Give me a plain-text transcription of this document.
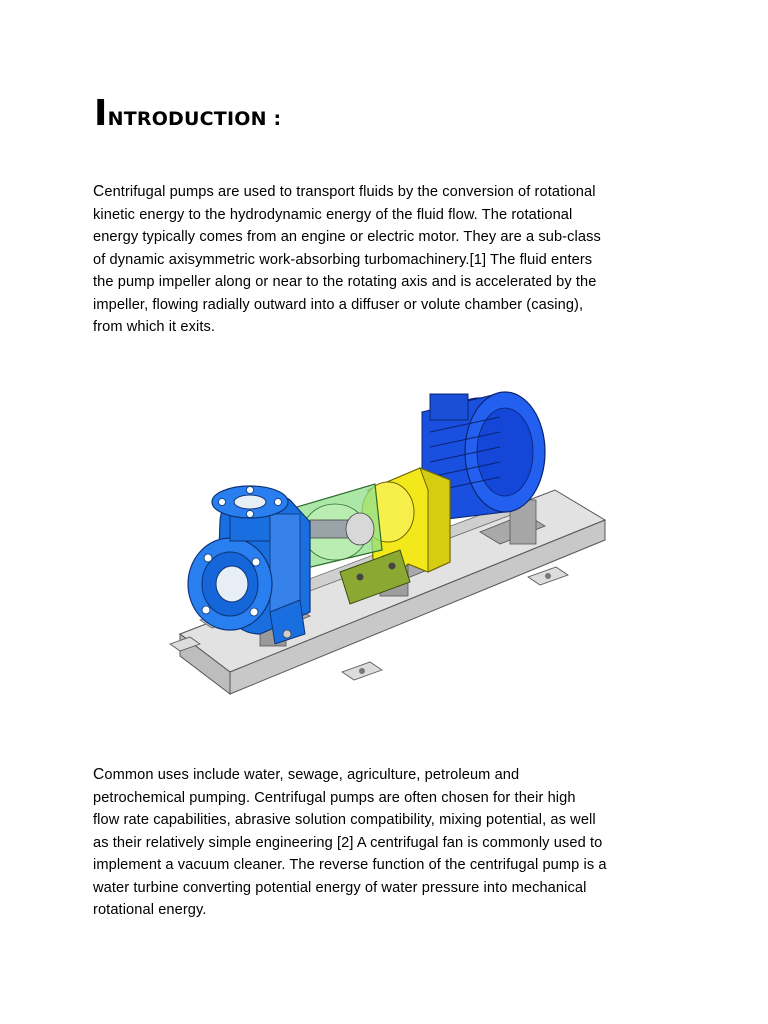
INTRODUCTION :
Centrifugal pumps are used to transport fluids by the conversion of rotational
kinetic energy to the hydrodynamic energy of the fluid flow. The rotational
energy typically comes from an engine or electric motor. They are a sub-class
of dynamic axisymmetric work-absorbing turbomachinery.[1] The fluid enters
the pump impeller along or near to the rotating axis and is accelerated by the
impeller, flowing radially outward into a diffuser or volute chamber (casing),
from which it exits.
Common uses include water, sewage, agriculture, petroleum and
petrochemical pumping. Centrifugal pumps are often chosen for their high
flow rate capabilities, abrasive solution compatibility, mixing potential, as well
as their relatively simple engineering [2] A centrifugal fan is commonly used to
implement a vacuum cleaner. The reverse function of the centrifugal pump is a
water turbine converting potential energy of water pressure into mechanical
rotational energy.
